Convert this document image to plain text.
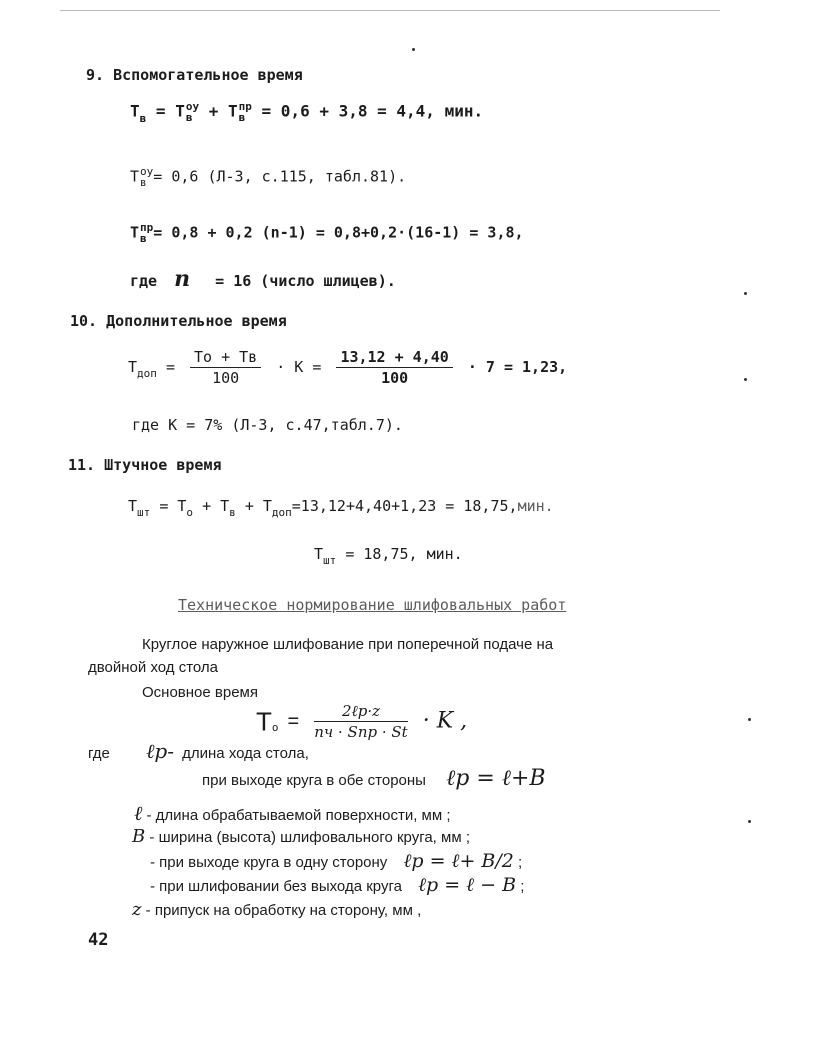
9. Вспомогательное время
$T_в = T$ оу
в	+ T пр
в	= 0,6 + 3,8 = 4,4, мин.
T оу
в = 0,6 (Л-3, с.115, табл.81).
T пр
в = 0,8 + 0,2 (n-1) = 0,8+0,2·(16-1) = 3,8,
где n = 16 (число шлицев).
10. Дополнительное время
$T_{доп} = \frac{To + Tв}{100} \cdot К = \frac{13,12 + 4,40}{100} \cdot 7 = 1,23$,
где К = 7% (Л-3, с.47,табл.7).
11. Штучное время
$T_{шт} = T_о + T_в + T_{доп}=13,12+4,40+1,23 = 18,75,мин$.
$T_{шт} = 18,75$, мин.
Техническое нормирование шлифовальных работ
Круглое наружное шлифование при поперечной подаче на
двойной ход стола
Основное время
$T_о = \frac{\text{2ℓр·z}}{\text{nч · Sпр · St}} \cdot K$ ,
где ℓр- длина хода стола,
при выходе круга в обе стороны ℓр = ℓ+B
ℓ - длина обрабатываемой поверхности, мм ;
B - ширина (высота) шлифовального круга, мм ;
- при выходе круга в одну сторону ℓр = ℓ+ B/2 ;
- при шлифовании без выхода круга ℓр = ℓ − B ;
z - припуск на обработку на сторону, мм ,
42
